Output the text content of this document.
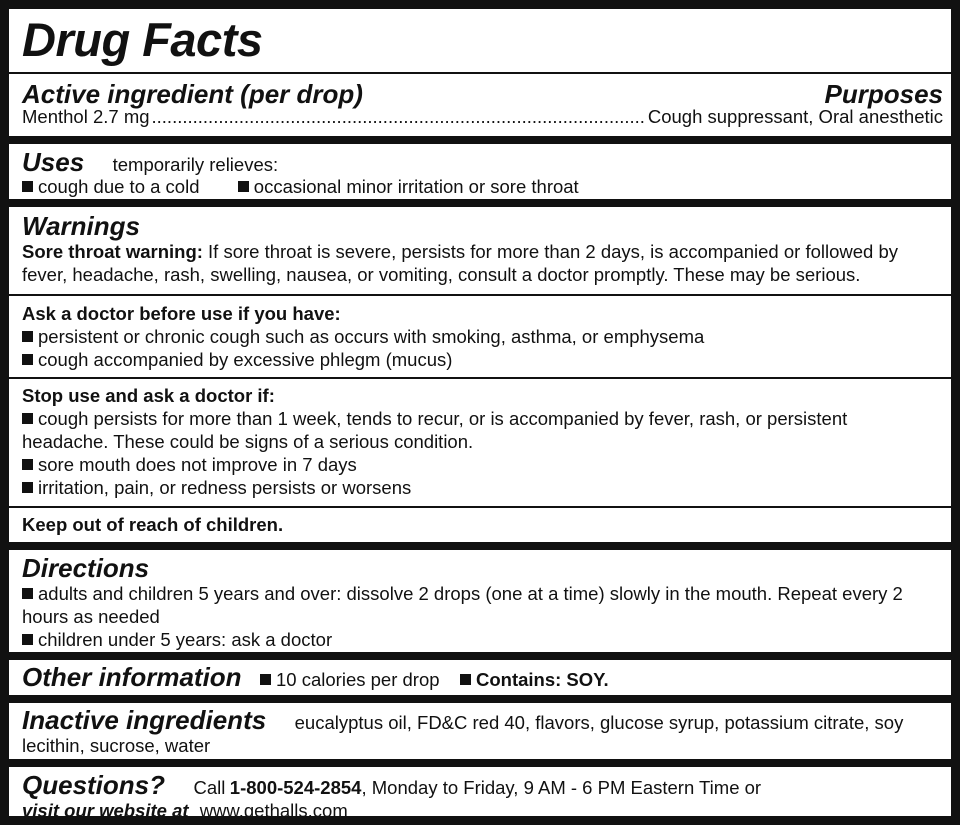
Drug Facts
Active ingredient (per drop)	Purposes
Menthol 2.7 mg
.....	Cough suppressant, Oral anesthetic
Uses temporarily relieves:
cough due to a cold	occasional minor irritation or sore throat
Warnings
Sore throat warning: If sore throat is severe, persists for more than 2 days, is accompanied or followed by fever, headache, rash, swelling, nausea, or vomiting, consult a doctor promptly. These may be serious.
Ask a doctor before use if you have:
persistent or chronic cough such as occurs with smoking, asthma, or emphysema
cough accompanied by excessive phlegm (mucus)
Stop use and ask a doctor if:
cough persists for more than 1 week, tends to recur, or is accompanied by fever, rash, or persistent headache. These could be signs of a serious condition.
sore mouth does not improve in 7 days
irritation, pain, or redness persists or worsens
Keep out of reach of children.
Directions
adults and children 5 years and over: dissolve 2 drops (one at a time) slowly in the mouth. Repeat every 2 hours as needed
children under 5 years: ask a doctor
Other information 10 calories per drop Contains: SOY.
Inactive ingredients eucalyptus oil, FD&C red 40, flavors, glucose syrup, potassium citrate, soy lecithin, sucrose, water
Questions? Call 1-800-524-2854, Monday to Friday, 9 AM - 6 PM Eastern Time or
visit our website at www.gethalls.com
